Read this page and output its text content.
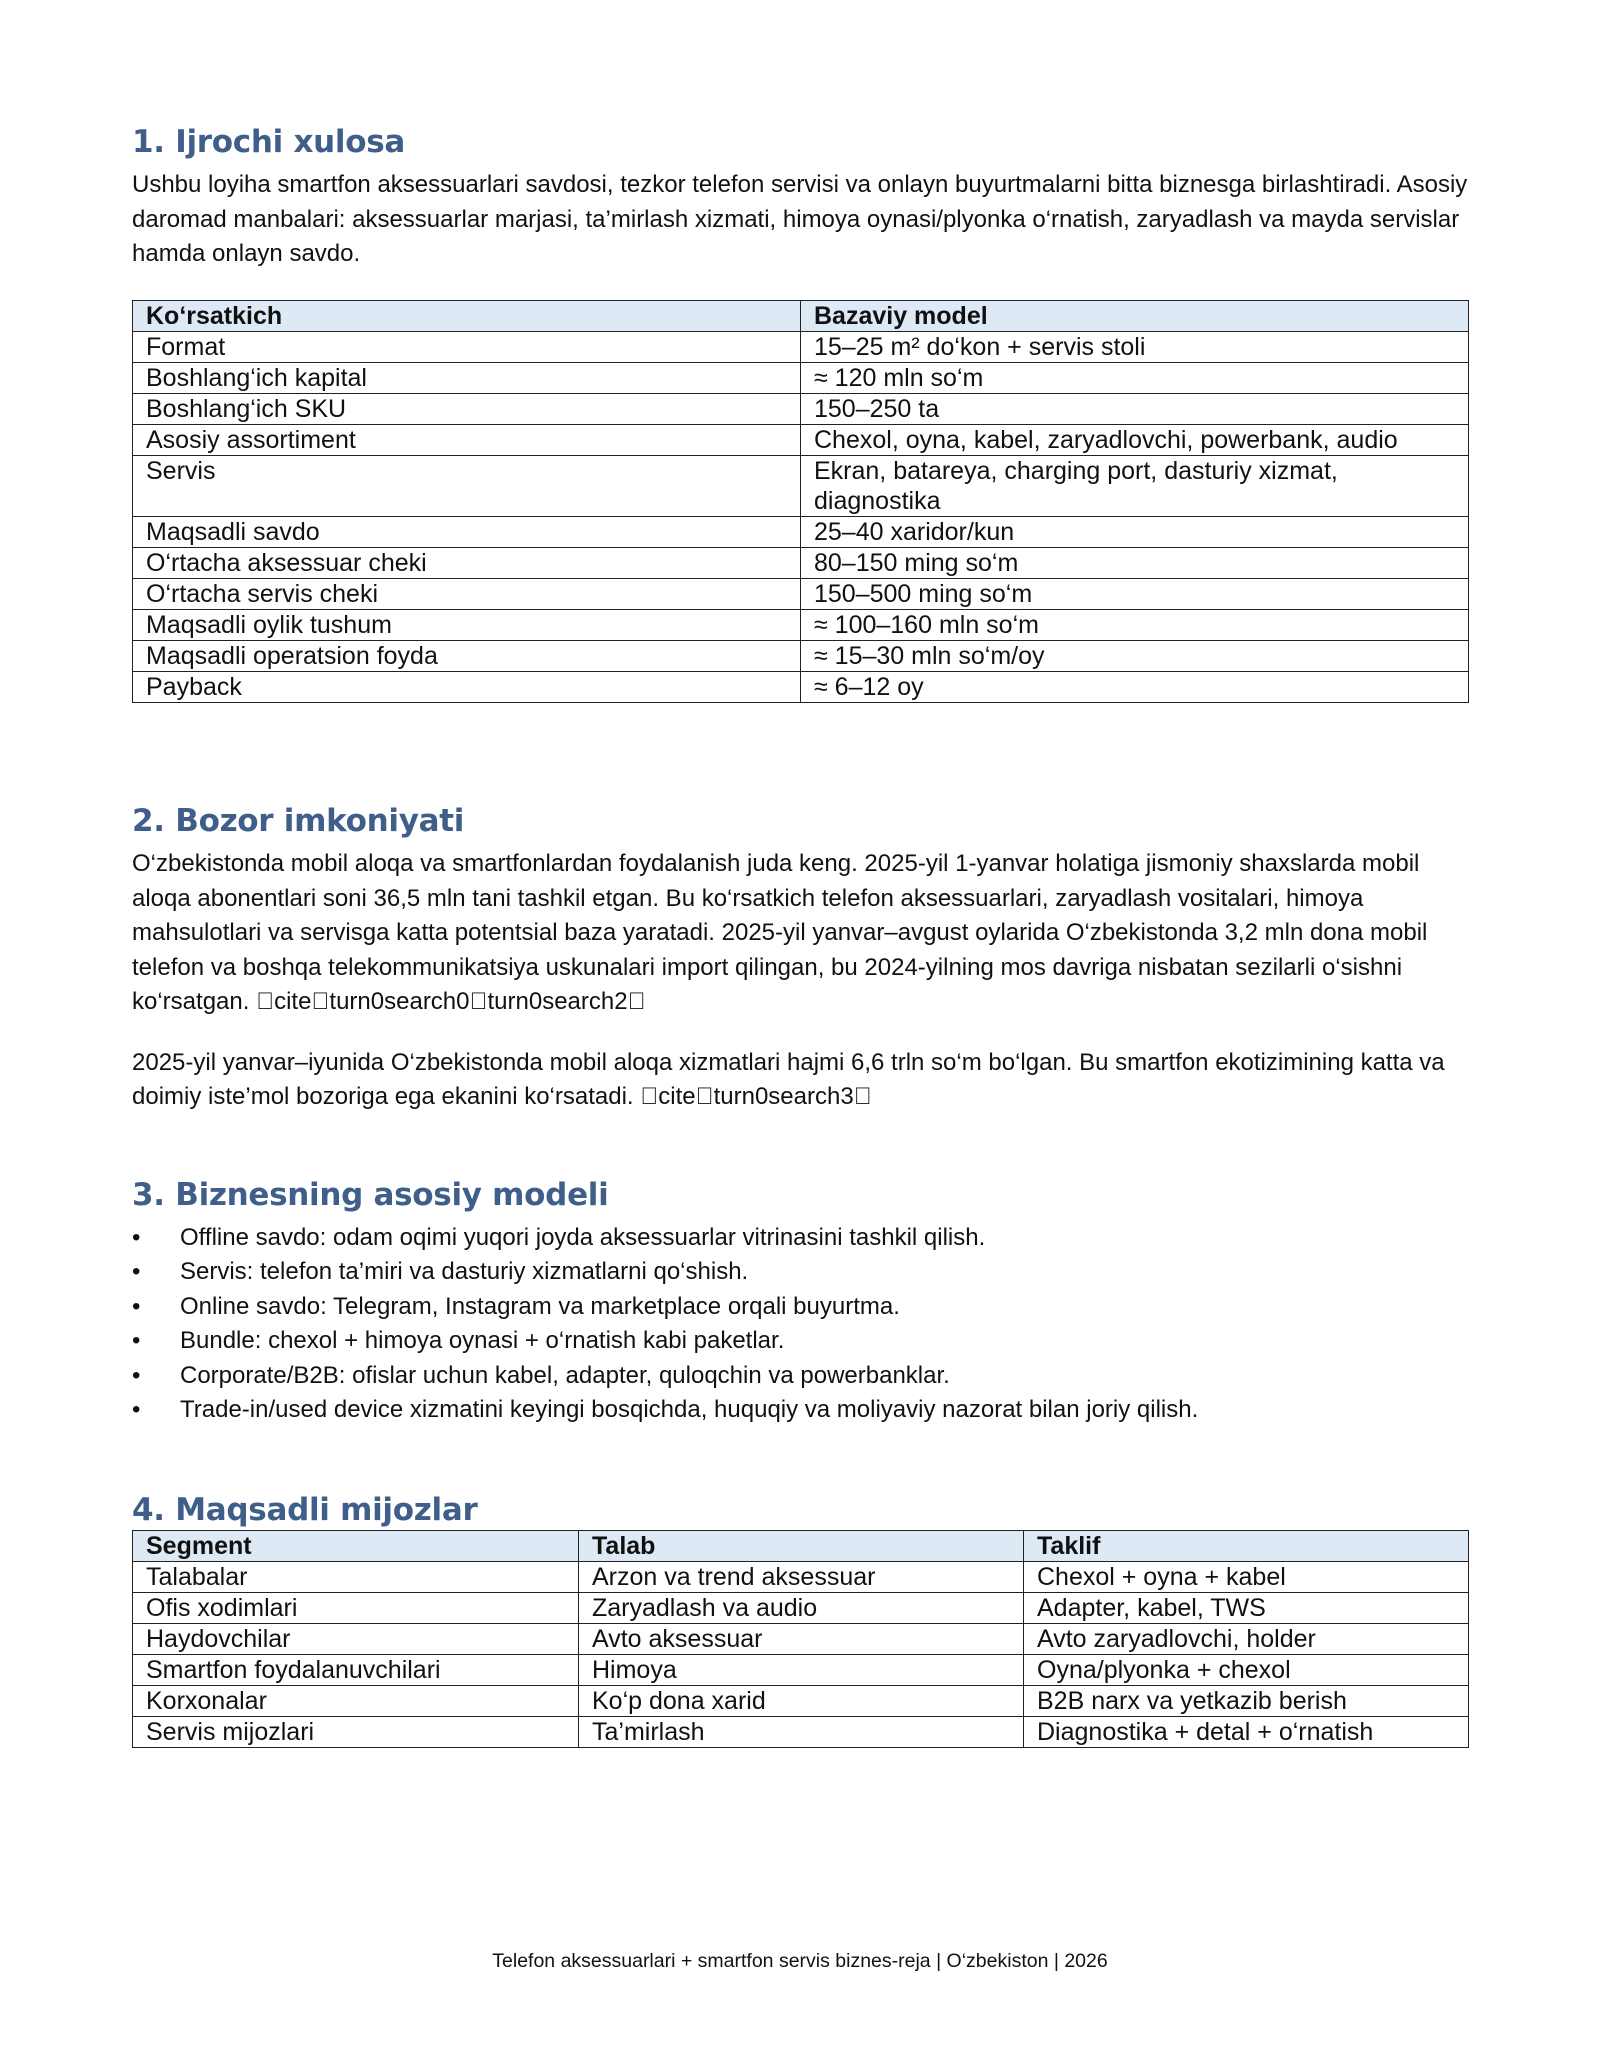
1. Ijrochi xulosa

Ushbu loyiha smartfon aksessuarlari savdosi, tezkor telefon servisi va onlayn buyurtmalarni bitta biznesga birlashtiradi. Asosiy daromad manbalari: aksessuarlar marjasi, ta’mirlash xizmati, himoya oynasi/plyonka o‘rnatish, zaryadlash va mayda servislar hamda onlayn savdo.

Ko‘rsatkich	Bazaviy model
Format	15–25 m² do‘kon + servis stoli
Boshlang‘ich kapital	≈ 120 mln so‘m
Boshlang‘ich SKU	150–250 ta
Asosiy assortiment	Chexol, oyna, kabel, zaryadlovchi, powerbank, audio
Servis	Ekran, batareya, charging port, dasturiy xizmat, diagnostika
Maqsadli savdo	25–40 xaridor/kun
O‘rtacha aksessuar cheki	80–150 ming so‘m
O‘rtacha servis cheki	150–500 ming so‘m
Maqsadli oylik tushum	≈ 100–160 mln so‘m
Maqsadli operatsion foyda	≈ 15–30 mln so‘m/oy
Payback	≈ 6–12 oy
2. Bozor imkoniyati

O‘zbekistonda mobil aloqa va smartfonlardan foydalanish juda keng. 2025-yil 1-yanvar holatiga jismoniy shaxslarda mobil aloqa abonentlari soni 36,5 mln tani tashkil etgan. Bu ko‘rsatkich telefon aksessuarlari, zaryadlash vositalari, himoya mahsulotlari va servisga katta potentsial baza yaratadi. 2025-yil yanvar–avgust oylarida O‘zbekistonda 3,2 mln dona mobil telefon va boshqa telekommunikatsiya uskunalari import qilingan, bu 2024-yilning mos davriga nisbatan sezilarli o‘sishni ko‘rsatgan. cite turn0search0 turn0search2

2025-yil yanvar–iyunida O‘zbekistonda mobil aloqa xizmatlari hajmi 6,6 trln so‘m bo‘lgan. Bu smartfon ekotizimining katta va doimiy iste’mol bozoriga ega ekanini ko‘rsatadi. cite turn0search3

3. Biznesning asosiy modeli
• Offline savdo: odam oqimi yuqori joyda aksessuarlar vitrinasini tashkil qilish.
• Servis: telefon ta’miri va dasturiy xizmatlarni qo‘shish.
• Online savdo: Telegram, Instagram va marketplace orqali buyurtma.
• Bundle: chexol + himoya oynasi + o‘rnatish kabi paketlar.
• Corporate/B2B: ofislar uchun kabel, adapter, quloqchin va powerbanklar.
• Trade-in/used device xizmatini keyingi bosqichda, huquqiy va moliyaviy nazorat bilan joriy qilish.
4. Maqsadli mijozlar
Segment	Talab	Taklif
Talabalar	Arzon va trend aksessuar	Chexol + oyna + kabel
Ofis xodimlari	Zaryadlash va audio	Adapter, kabel, TWS
Haydovchilar	Avto aksessuar	Avto zaryadlovchi, holder
Smartfon foydalanuvchilari	Himoya	Oyna/plyonka + chexol
Korxonalar	Ko‘p dona xarid	B2B narx va yetkazib berish
Servis mijozlari	Ta’mirlash	Diagnostika + detal + o‘rnatish
Telefon aksessuarlari + smartfon servis biznes-reja | O‘zbekiston | 2026
